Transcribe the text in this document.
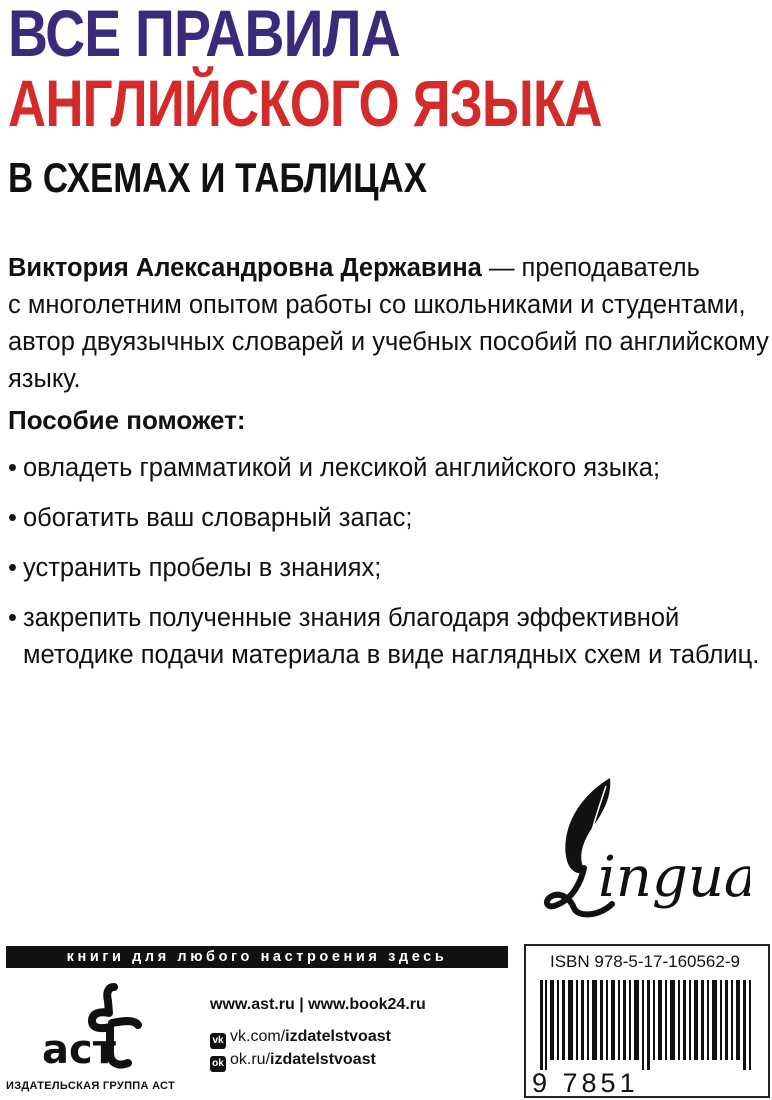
ВСЕ ПРАВИЛА
АНГЛИЙСКОГО ЯЗЫКА
В СХЕМАХ И ТАБЛИЦАХ
Виктория Александровна Державина — преподаватель
с многолетним опытом работы со школьниками и студентами,
автор двуязычных словарей и учебных пособий по английскому
языку.
Пособие поможет:
• овладеть грамматикой и лексикой английского языка;
• обогатить ваш словарный запас;
• устранить пробелы в знаниях;
• закрепить полученные знания благодаря эффективной
методике подачи материала в виде наглядных схем и таблиц.
ingua
книги для любого настроения здесь
аст
ИЗДАТЕЛЬСКАЯ ГРУППА АСТ
www.ast.ru | www.book24.ru
vk vk.com/izdatelstvoast
ok ok.ru/izdatelstvoast
ISBN 978-5-17-160562-9
9 7851
